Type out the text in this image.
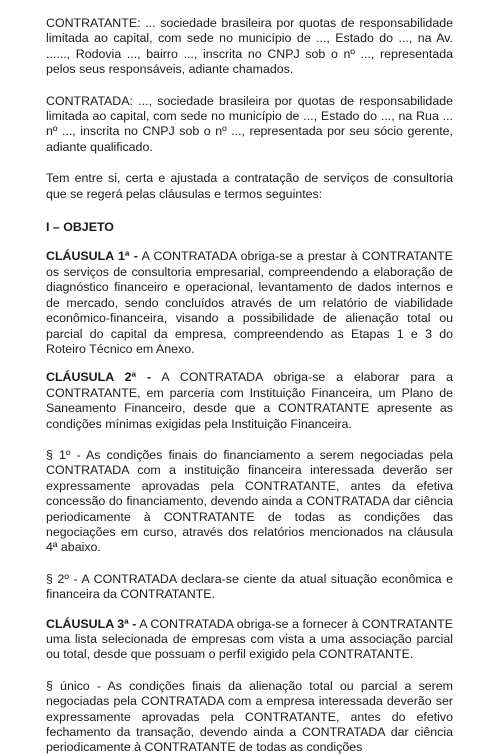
CONTRATANTE: ... sociedade brasileira por quotas de responsabilidade limitada ao capital, com sede no município de ..., Estado do ..., na Av. ......, Rodovia ..., bairro ..., inscrita no CNPJ sob o nº ..., representada pelos seus responsáveis, adiante chamados.

CONTRATADA: ..., sociedade brasileira por quotas de responsabilidade limitada ao capital, com sede no município de ..., Estado do ..., na Rua ... nº ..., inscrita no CNPJ sob o nº ..., representada por seu sócio gerente, adiante qualificado.

Tem entre si, certa e ajustada a contratação de serviços de consultoria que se regerá pelas cláusulas e termos seguintes:

I – OBJETO

CLÁUSULA 1ª - A CONTRATADA obriga-se a prestar à CONTRATANTE os serviços de consultoria empresarial, compreendendo a elaboração de diagnóstico financeiro e operacional, levantamento de dados internos e de mercado, sendo concluídos através de um relatório de viabilidade econômico-financeira, visando a possibilidade de alienação total ou parcial do capital da empresa, compreendendo as Etapas 1 e 3 do Roteiro Técnico em Anexo.

CLÁUSULA 2ª - A CONTRATADA obriga-se a elaborar para a CONTRATANTE, em parceria com Instituição Financeira, um Plano de Saneamento Financeiro, desde que a CONTRATANTE apresente as condições mínimas exigidas pela Instituição Financeira.

§ 1º - As condições finais do financiamento a serem negociadas pela CONTRATADA com a instituição financeira interessada deverão ser expressamente aprovadas pela CONTRATANTE, antes da efetiva concessão do financiamento, devendo ainda a CONTRATADA dar ciência periodicamente à CONTRATANTE de todas as condições das negociações em curso, através dos relatórios mencionados na cláusula 4ª abaixo.

§ 2º - A CONTRATADA declara-se ciente da atual situação econômica e financeira da CONTRATANTE.

CLÁUSULA 3ª - A CONTRATADA obriga-se a fornecer à CONTRATANTE uma lista selecionada de empresas com vista a uma associação parcial ou total, desde que possuam o perfil exigido pela CONTRATANTE.

§ único - As condições finais da alienação total ou parcial a serem negociadas pela CONTRATADA com a empresa interessada deverão ser expressamente aprovadas pela CONTRATANTE, antes do efetivo fechamento da transação, devendo ainda a CONTRATADA dar ciência periodicamente à CONTRATANTE de todas as condições
